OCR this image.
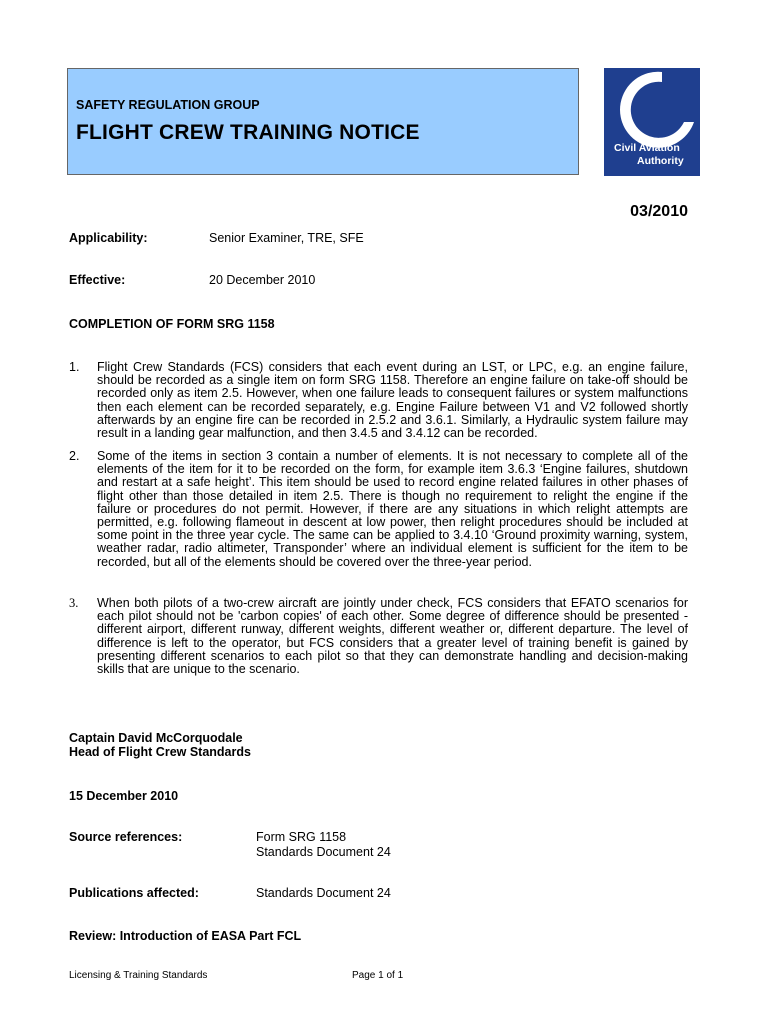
SAFETY REGULATION GROUP
FLIGHT CREW TRAINING NOTICE
Civil Aviation
Authority
03/2010
Applicability:	Senior Examiner, TRE, SFE
Effective:	20 December 2010
COMPLETION OF FORM SRG 1158
1. Flight Crew Standards (FCS) considers that each event during an LST, or LPC, e.g. an engine failure, should be recorded as a single item on form SRG 1158. Therefore an engine failure on take-off should be recorded only as item 2.5. However, when one failure leads to consequent failures or system malfunctions then each element can be recorded separately, e.g. Engine Failure between V1 and V2 followed shortly afterwards by an engine fire can be recorded in 2.5.2 and 3.6.1. Similarly, a Hydraulic system failure may result in a landing gear malfunction, and then 3.4.5 and 3.4.12 can be recorded.
2. Some of the items in section 3 contain a number of elements. It is not necessary to complete all of the elements of the item for it to be recorded on the form, for example item 3.6.3 ‘Engine failures, shutdown and restart at a safe height’. This item should be used to record engine related failures in other phases of flight other than those detailed in item 2.5. There is though no requirement to relight the engine if the failure or procedures do not permit. However, if there are any situations in which relight attempts are permitted, e.g. following flameout in descent at low power, then relight procedures should be included at some point in the three year cycle. The same can be applied to 3.4.10 ‘Ground proximity warning, system, weather radar, radio altimeter, Transponder’ where an individual element is sufficient for the item to be recorded, but all of the elements should be covered over the three-year period.
3. When both pilots of a two-crew aircraft are jointly under check, FCS considers that EFATO scenarios for each pilot should not be 'carbon copies' of each other. Some degree of difference should be presented - different airport, different runway, different weights, different weather or, different departure. The level of difference is left to the operator, but FCS considers that a greater level of training benefit is gained by presenting different scenarios to each pilot so that they can demonstrate handling and decision-making skills that are unique to the scenario.
Captain David McCorquodale
Head of Flight Crew Standards
15 December 2010
Source references:	Form SRG 1158
Standards Document 24
Publications affected:	Standards Document 24
Review: Introduction of EASA Part FCL
Licensing & Training Standards	Page 1 of 1
